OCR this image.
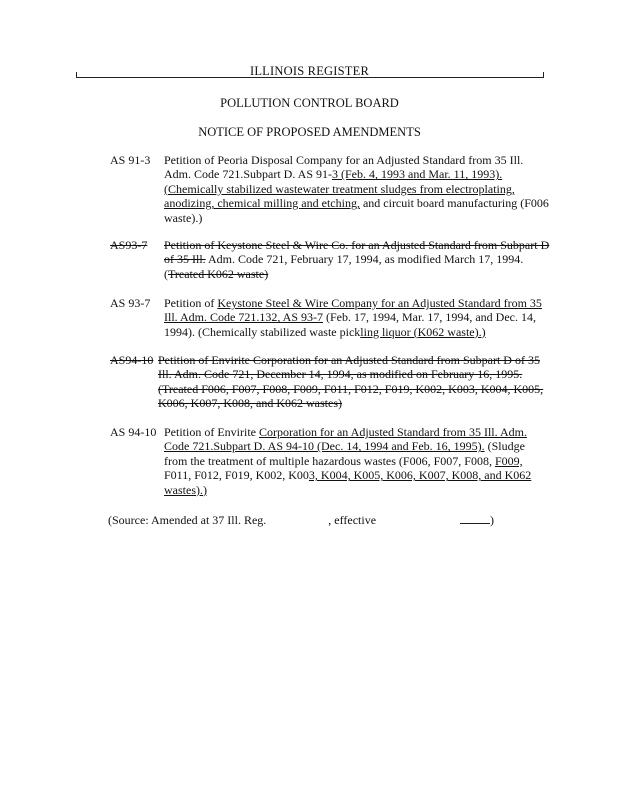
ILLINOIS REGISTER
POLLUTION CONTROL BOARD
NOTICE OF PROPOSED AMENDMENTS
AS 91-3	Petition of Peoria Disposal Company for an Adjusted Standard from 35 Ill. Adm. Code 721.Subpart D. AS 91-3 (Feb. 4, 1993 and Mar. 11, 1993). (Chemically stabilized wastewater treatment sludges from electroplating, anodizing, chemical milling and etching, and circuit board manufacturing (F006 waste).)
AS93-7	Petition of Keystone Steel & Wire Co. for an Adjusted Standard from Subpart D of 35 Ill. Adm. Code 721, February 17, 1994, as modified March 17, 1994. (Treated K062 waste)
AS 93-7	Petition of Keystone Steel & Wire Company for an Adjusted Standard from 35 Ill. Adm. Code 721.132, AS 93-7 (Feb. 17, 1994, Mar. 17, 1994, and Dec. 14, 1994). (Chemically stabilized waste pickling liquor (K062 waste).)
AS94-10 Petition of Envirite Corporation for an Adjusted Standard from Subpart D of 35 Ill. Adm. Code 721, December 14, 1994, as modified on February 16, 1995. (Treated F006, F007, F008, F009, F011, F012, F019, K002, K003, K004, K005, K006, K007, K008, and K062 wastes)
AS 94-10 Petition of Envirite Corporation for an Adjusted Standard from 35 Ill. Adm. Code 721.Subpart D. AS 94-10 (Dec. 14, 1994 and Feb. 16, 1995). (Sludge from the treatment of multiple hazardous wastes (F006, F007, F008, F009, F011, F012, F019, K002, K003, K004, K005, K006, K007, K008, and K062 wastes).)
(Source: Amended at 37 Ill. Reg.	, effective	)
